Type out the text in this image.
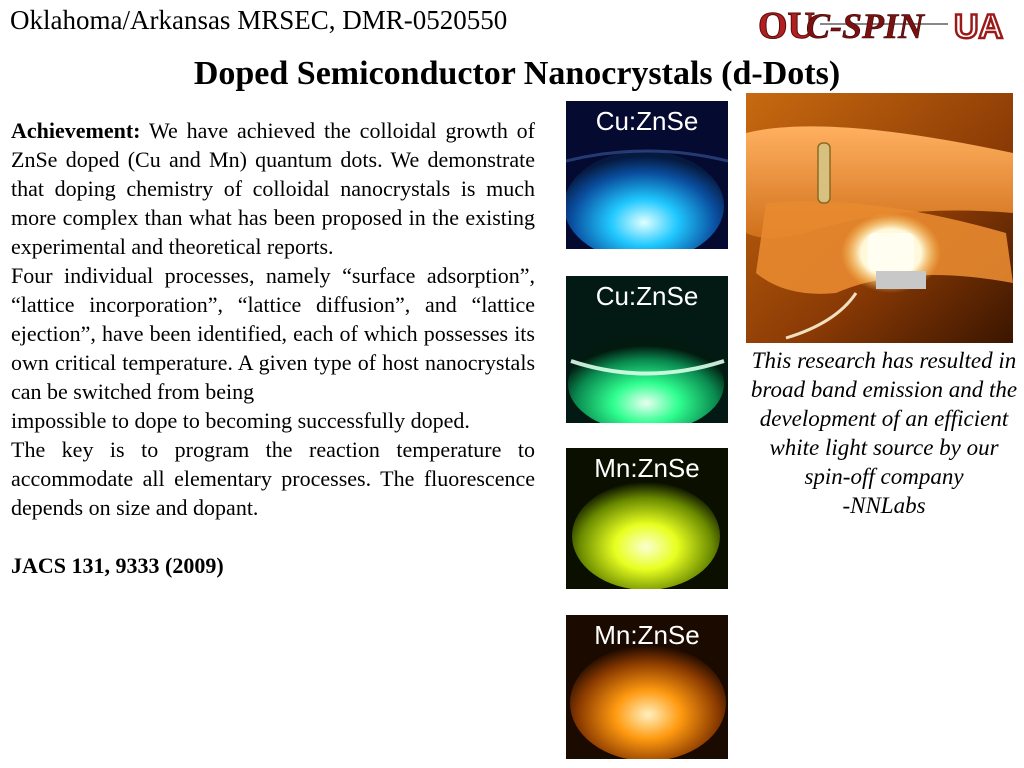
Oklahoma/Arkansas MRSEC, DMR-0520550	OU
C-SPIN UA
Doped Semiconductor Nanocrystals (d-Dots)

Achievement: We have achieved the colloidal growth of ZnSe doped (Cu and Mn) quantum dots. We demonstrate that doping chemistry of colloidal nanocrystals is much more complex than what has been proposed in the existing experimental and theoretical reports.

Four individual processes, namely “surface adsorption”, “lattice incorporation”, “lattice diffusion”, and “lattice ejection”, have been identified, each of which possesses its own critical temperature. A given type of host nanocrystals can be switched from being
impossible to dope to becoming successfully doped.

The key is to program the reaction temperature to accommodate all elementary processes. The fluorescence depends on size and dopant.

JACS 131, 9333 (2009)

Cu:ZnSe
Cu:ZnSe
Mn:ZnSe
Mn:ZnSe
This research has resulted in broad band emission and the development of an efficient white light source by our spin-off company
-NNLabs
